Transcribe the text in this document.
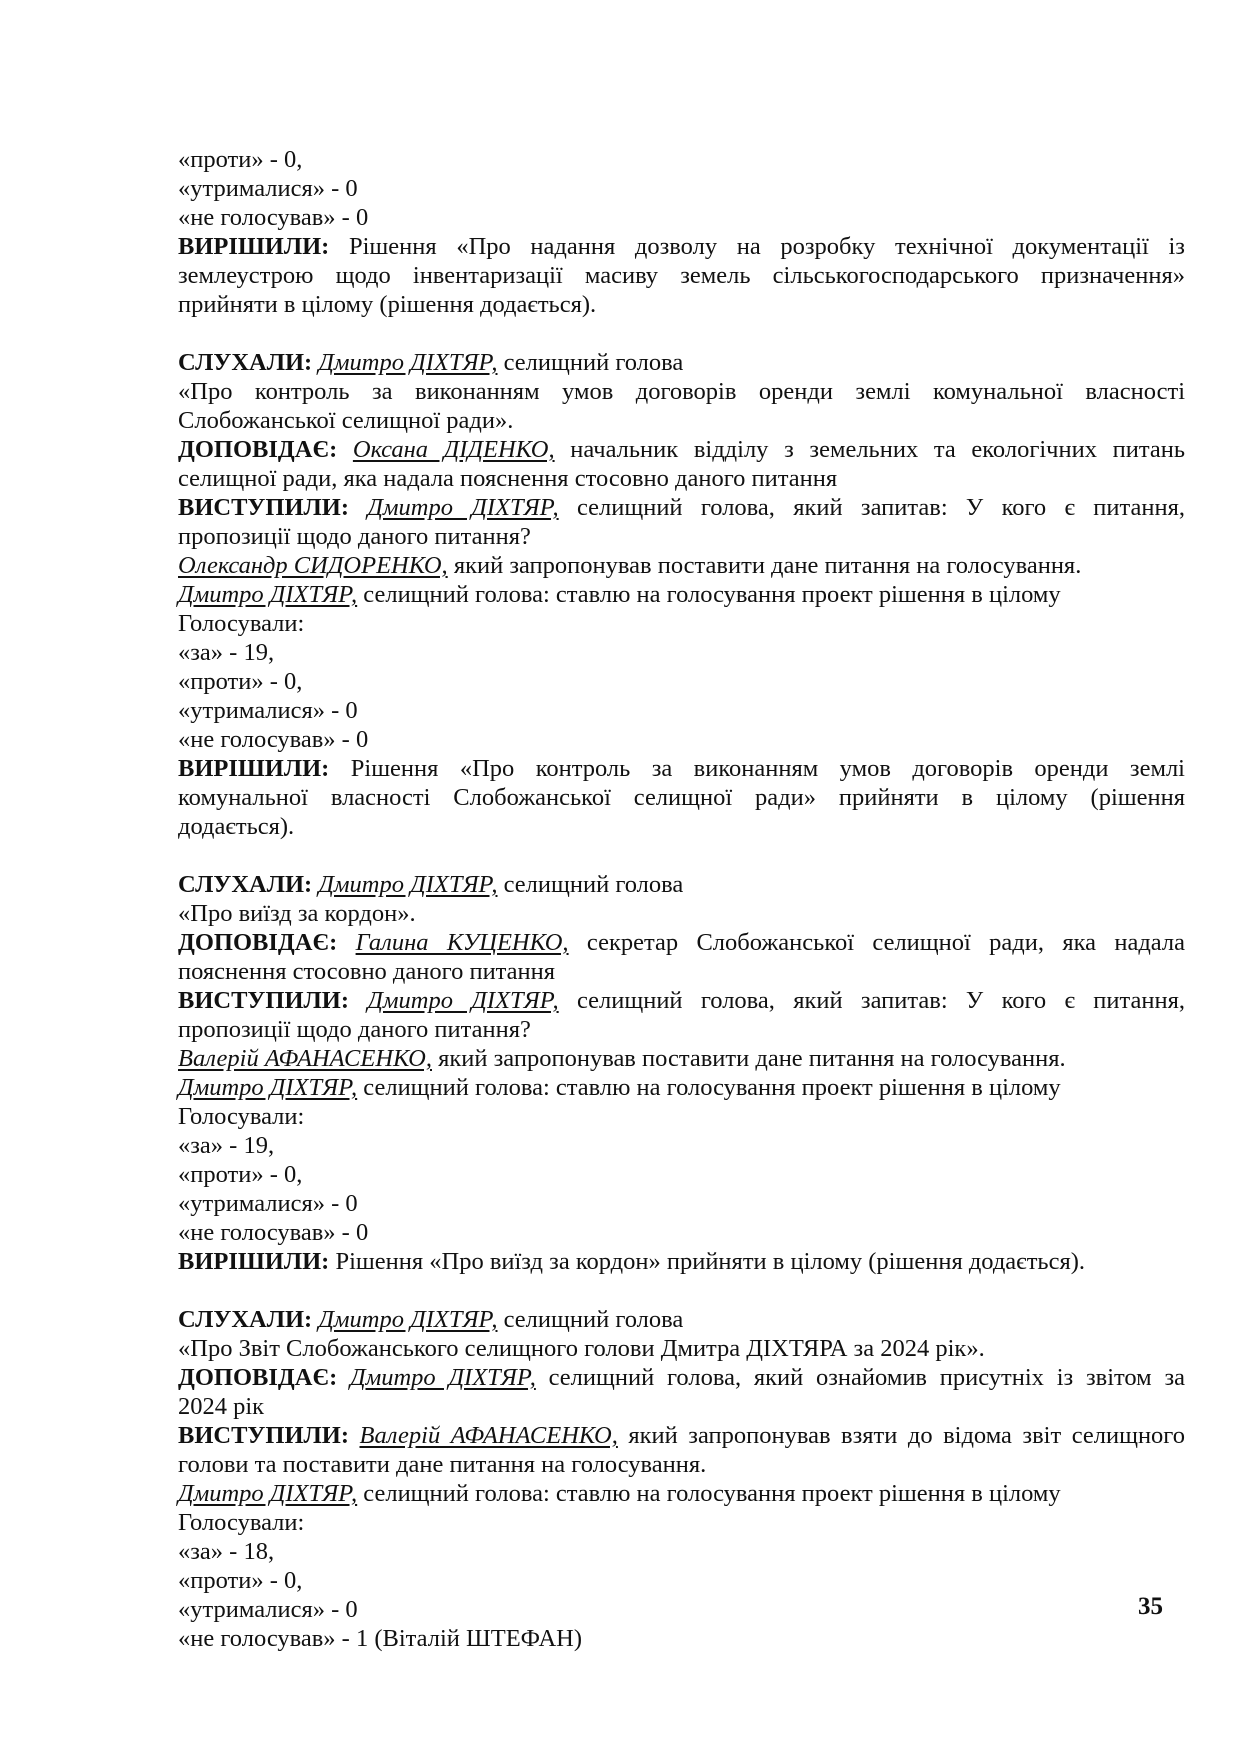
«проти» - 0,
«утрималися» - 0
«не голосував» - 0
ВИРІШИЛИ: Рішення «Про надання дозволу на розробку технічної документації із
землеустрою щодо інвентаризації масиву земель сільськогосподарського призначення»
прийняти в цілому (рішення додається).
СЛУХАЛИ: Дмитро ДІХТЯР, селищний голова
«Про контроль за виконанням умов договорів оренди землі комунальної власності
Слобожанської селищної ради».
ДОПОВІДАЄ: Оксана ДІДЕНКО, начальник відділу з земельних та екологічних питань
селищної ради, яка надала пояснення стосовно даного питання
ВИСТУПИЛИ: Дмитро ДІХТЯР, селищний голова, який запитав: У кого є питання,
пропозиції щодо даного питання?
Олександр СИДОРЕНКО, який запропонував поставити дане питання на голосування.
Дмитро ДІХТЯР, селищний голова: ставлю на голосування проект рішення в цілому
Голосували:
«за» - 19,
«проти» - 0,
«утрималися» - 0
«не голосував» - 0
ВИРІШИЛИ: Рішення «Про контроль за виконанням умов договорів оренди землі
комунальної власності Слобожанської селищної ради» прийняти в цілому (рішення
додається).
СЛУХАЛИ: Дмитро ДІХТЯР, селищний голова
«Про виїзд за кордон».
ДОПОВІДАЄ: Галина КУЦЕНКО, секретар Слобожанської селищної ради, яка надала
пояснення стосовно даного питання
ВИСТУПИЛИ: Дмитро ДІХТЯР, селищний голова, який запитав: У кого є питання,
пропозиції щодо даного питання?
Валерій АФАНАСЕНКО, який запропонував поставити дане питання на голосування.
Дмитро ДІХТЯР, селищний голова: ставлю на голосування проект рішення в цілому
Голосували:
«за» - 19,
«проти» - 0,
«утрималися» - 0
«не голосував» - 0
ВИРІШИЛИ: Рішення «Про виїзд за кордон» прийняти в цілому (рішення додається).
СЛУХАЛИ: Дмитро ДІХТЯР, селищний голова
«Про Звіт Слобожанського селищного голови Дмитра ДІХТЯРА за 2024 рік».
ДОПОВІДАЄ: Дмитро ДІХТЯР, селищний голова, який ознайомив присутніх із звітом за
2024 рік
ВИСТУПИЛИ: Валерій АФАНАСЕНКО, який запропонував взяти до відома звіт селищного
голови та поставити дане питання на голосування.
Дмитро ДІХТЯР, селищний голова: ставлю на голосування проект рішення в цілому
Голосували:
«за» - 18,
«проти» - 0,
«утрималися» - 0
«не голосував» - 1 (Віталій ШТЕФАН)
35
